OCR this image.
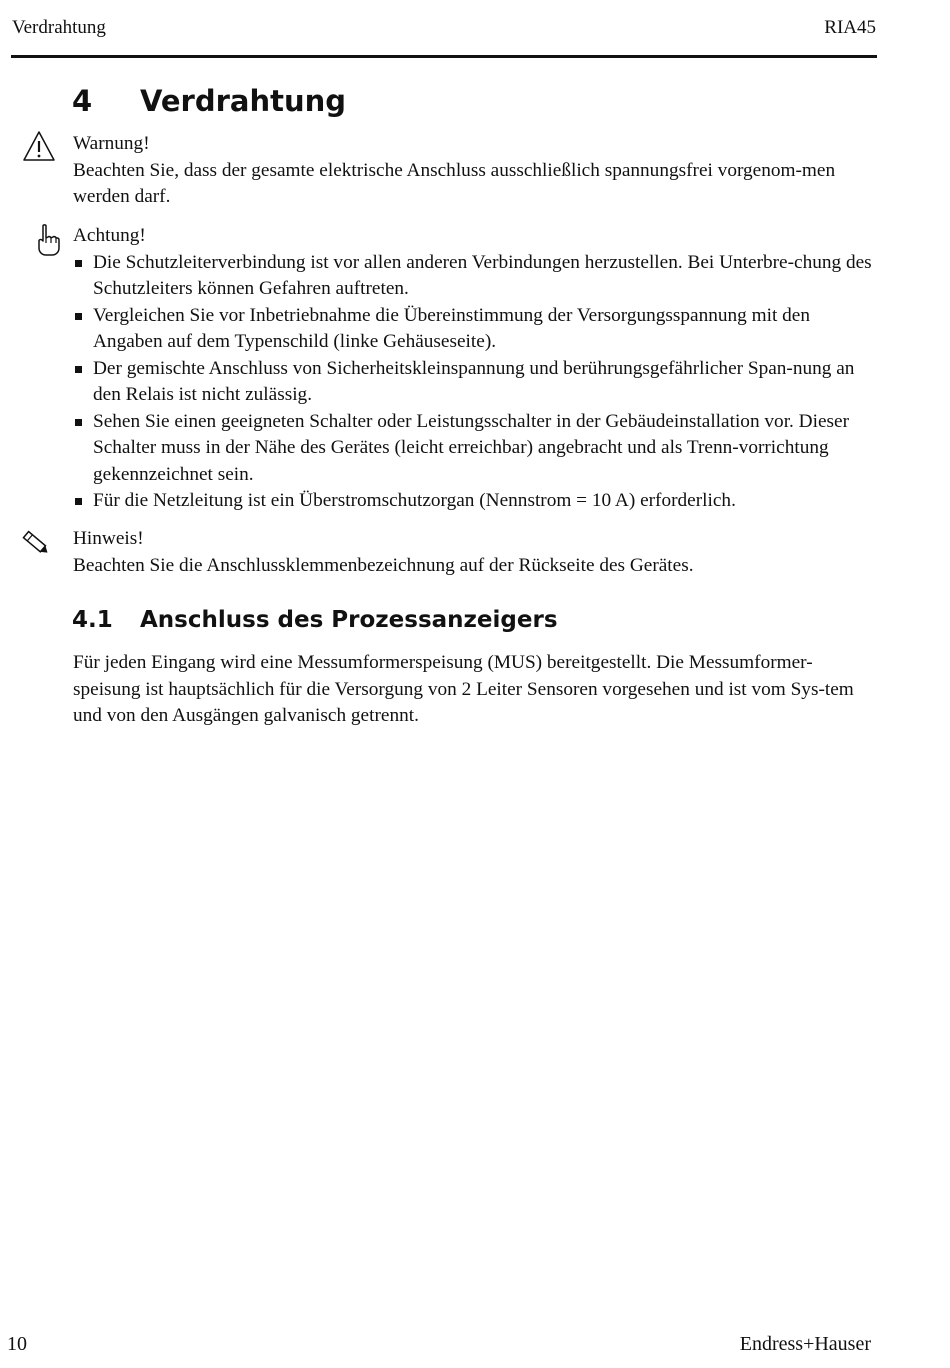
Verdrahtung	RIA45
4 Verdrahtung

Warnung!

Beachten Sie, dass der gesamte elektrische Anschluss ausschließlich spannungsfrei vorgenom-men werden darf.

Achtung!

Die Schutzleiterverbindung ist vor allen anderen Verbindungen herzustellen. Bei Unterbre-chung des Schutzleiters können Gefahren auftreten.
Vergleichen Sie vor Inbetriebnahme die Übereinstimmung der Versorgungsspannung mit den Angaben auf dem Typenschild (linke Gehäuseseite).
Der gemischte Anschluss von Sicherheitskleinspannung und berührungsgefährlicher Span-nung an den Relais ist nicht zulässig.
Sehen Sie einen geeigneten Schalter oder Leistungsschalter in der Gebäudeinstallation vor. Dieser Schalter muss in der Nähe des Gerätes (leicht erreichbar) angebracht und als Trenn-vorrichtung gekennzeichnet sein.
Für die Netzleitung ist ein Überstromschutzorgan (Nennstrom = 10 A) erforderlich.

Hinweis!

Beachten Sie die Anschlussklemmenbezeichnung auf der Rückseite des Gerätes.

4.1 Anschluss des Prozessanzeigers

Für jeden Eingang wird eine Messumformerspeisung (MUS) bereitgestellt. Die Messumformer-speisung ist hauptsächlich für die Versorgung von 2 Leiter Sensoren vorgesehen und ist vom Sys-tem und von den Ausgängen galvanisch getrennt.

10	Endress+Hauser
